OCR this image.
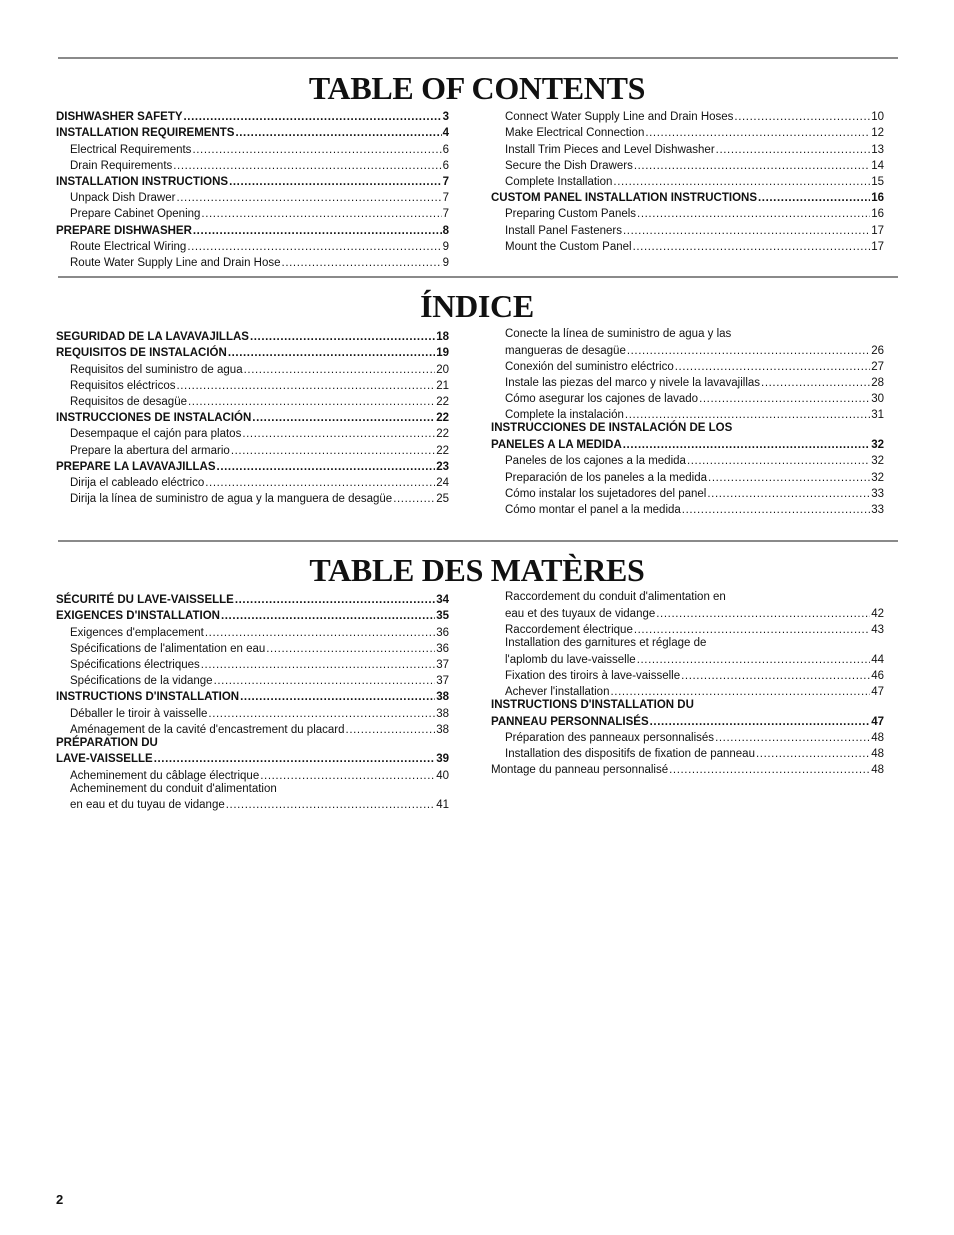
TABLE OF CONTENTS
DISHWASHER SAFETY .....	3
INSTALLATION REQUIREMENTS .....	4
Electrical Requirements .....	6
Drain Requirements .....	6
INSTALLATION INSTRUCTIONS .....	7
Unpack Dish Drawer .....	7
Prepare Cabinet Opening .....	7
PREPARE DISHWASHER .....	8
Route Electrical Wiring .....	9
Route Water Supply Line and Drain Hose .....	9
Connect Water Supply Line and Drain Hoses .....	10
Make Electrical Connection .....	12
Install Trim Pieces and Level Dishwasher .....	13
Secure the Dish Drawers .....	14
Complete Installation .....	15
CUSTOM PANEL INSTALLATION INSTRUCTIONS .....	16
Preparing Custom Panels .....	16
Install Panel Fasteners .....	17
Mount the Custom Panel .....	17
ÍNDICE
SEGURIDAD DE LA LAVAVAJILLAS .....	18
REQUISITOS DE INSTALACIÓN .....	19
Requisitos del suministro de agua .....	20
Requisitos eléctricos .....	21
Requisitos de desagüe .....	22
INSTRUCCIONES DE INSTALACIÓN .....	22
Desempaque el cajón para platos .....	22
Prepare la abertura del armario .....	22
PREPARE LA LAVAVAJILLAS .....	23
Dirija el cableado eléctrico .....	24
Dirija la línea de suministro de agua y la manguera de desagüe .....	25
Conecte la línea de suministro de agua y las
mangueras de desagüe .....	26
Conexión del suministro eléctrico .....	27
Instale las piezas del marco y nivele la lavavajillas .....	28
Cómo asegurar los cajones de lavado .....	30
Complete la instalación .....	31
INSTRUCCIONES DE INSTALACIÓN DE LOS
PANELES A LA MEDIDA .....	32
Paneles de los cajones a la medida .....	32
Preparación de los paneles a la medida .....	32
Cómo instalar los sujetadores del panel .....	33
Cómo montar el panel a la medida .....	33
TABLE DES MATÈRES
SÉCURITÉ DU LAVE-VAISSELLE .....	34
EXIGENCES D'INSTALLATION .....	35
Exigences d'emplacement .....	36
Spécifications de l'alimentation en eau .....	36
Spécifications électriques .....	37
Spécifications de la vidange .....	37
INSTRUCTIONS D'INSTALLATION .....	38
Déballer le tiroir à vaisselle .....	38
Aménagement de la cavité d'encastrement du placard .....	38
PRÉPARATION DU
LAVE-VAISSELLE .....	39
Acheminement du câblage électrique .....	40
Acheminement du conduit d'alimentation
en eau et du tuyau de vidange .....	41
Raccordement du conduit d'alimentation en
eau et des tuyaux de vidange .....	42
Raccordement électrique .....	43
Installation des garnitures et réglage de
l'aplomb du lave-vaisselle .....	44
Fixation des tiroirs à lave-vaisselle .....	46
Achever l'installation .....	47
INSTRUCTIONS D'INSTALLATION DU
PANNEAU PERSONNALISÉS .....	47
Préparation des panneaux personnalisés .....	48
Installation des dispositifs de fixation de panneau .....	48
Montage du panneau personnalisé .....	48
2
